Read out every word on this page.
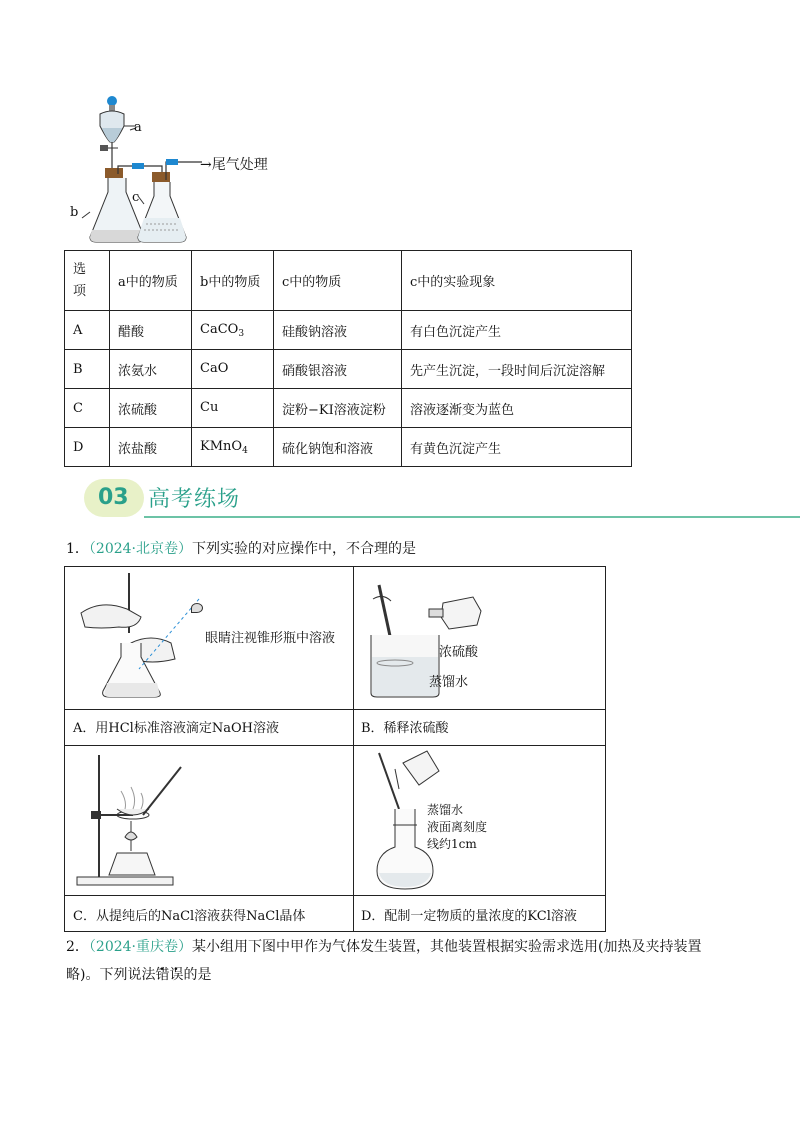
a
b
c
→尾气处理
选项	a中的物质	b中的物质	c中的物质	c中的实验现象
A	醋酸	CaCO$_3$	硅酸钠溶液	有白色沉淀产生
B	浓氨水	CaO	硝酸银溶液	先产生沉淀，一段时间后沉淀溶解
C	浓硫酸	Cu	淀粉−KI溶液淀粉	溶液逐渐变为蓝色
D	浓盐酸	KMnO$_4$	硫化钠饱和溶液	有黄色沉淀产生
03 高考练场
1．（2024·北京卷）下列实验的对应操作中，不合理的是
眼睛注视锥形瓶中溶液
A．用HCl标准溶液滴定NaOH溶液
浓硫酸
蒸馏水
B．稀释浓硫酸
C．从提纯后的NaCl溶液获得NaCl晶体
蒸馏水
液面离刻度
线约1cm
D．配制一定物质的量浓度的KCl溶液
2．（2024·重庆卷）某小组用下图中甲作为气体发生装置，其他装置根据实验需求选用(加热及夹持装置
略)。下列说法错误的是
